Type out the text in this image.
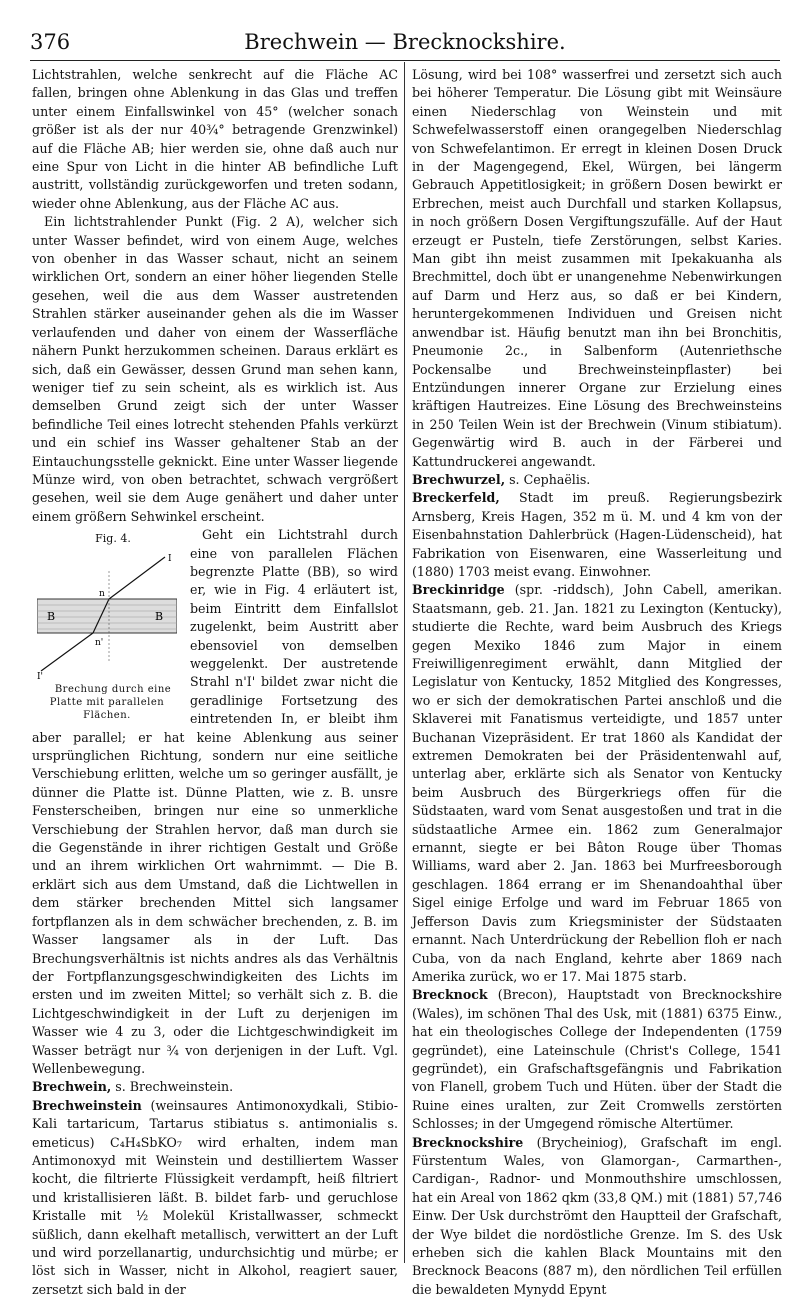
376	Brechwein — Brecknockshire.

Lichtstrahlen, welche senkrecht auf die Fläche AC fallen, bringen ohne Ablenkung in das Glas und treffen unter einem Einfallswinkel von 45° (welcher sonach größer ist als der nur 40¾° betragende Grenzwinkel) auf die Fläche AB; hier werden sie, ohne daß auch nur eine Spur von Licht in die hinter AB befindliche Luft austritt, vollständig zurückgeworfen und treten sodann, wieder ohne Ablenkung, aus der Fläche AC aus.

Ein lichtstrahlender Punkt (Fig. 2 A), welcher sich unter Wasser befindet, wird von einem Auge, welches von obenher in das Wasser schaut, nicht an seinem wirklichen Ort, sondern an einer höher liegenden Stelle gesehen, weil die aus dem Wasser austretenden Strahlen stärker auseinander gehen als die im Wasser verlaufenden und daher von einem der Wasserfläche nähern Punkt herzukommen scheinen. Daraus erklärt es sich, daß ein Gewässer, dessen Grund man sehen kann, weniger tief zu sein scheint, als es wirklich ist. Aus demselben Grund zeigt sich der unter Wasser befindliche Teil eines lotrecht stehenden Pfahls verkürzt und ein schief ins Wasser gehaltener Stab an der Eintauchungsstelle geknickt. Eine unter Wasser liegende Münze wird, von oben betrachtet, schwach vergrößert gesehen, weil sie dem Auge genähert und daher unter einem größern Sehwinkel erscheint.

Fig. 4.
B	B
I
I'
n
n'
Brechung durch eine Platte mit parallelen Flächen.
Geht ein Lichtstrahl durch eine von parallelen Flächen begrenzte Platte (BB), so wird er, wie in Fig. 4 erläutert ist, beim Eintritt dem Einfallslot zugelenkt, beim Austritt aber ebensoviel von demselben weggelenkt. Der austretende Strahl n'I' bildet zwar nicht die geradlinige Fortsetzung des eintretenden In, er bleibt ihm aber parallel; er hat keine Ablenkung aus seiner ursprünglichen Richtung, sondern nur eine seitliche Verschiebung erlitten, welche um so geringer ausfällt, je dünner die Platte ist. Dünne Platten, wie z. B. unsre Fensterscheiben, bringen nur eine so unmerkliche Verschiebung der Strahlen hervor, daß man durch sie die Gegenstände in ihrer richtigen Gestalt und Größe und an ihrem wirklichen Ort wahrnimmt. — Die B. erklärt sich aus dem Umstand, daß die Lichtwellen in dem stärker brechenden Mittel sich langsamer fortpflanzen als in dem schwächer brechenden, z. B. im Wasser langsamer als in der Luft. Das Brechungsverhältnis ist nichts andres als das Verhältnis der Fortpflanzungsgeschwindigkeiten des Lichts im ersten und im zweiten Mittel; so verhält sich z. B. die Lichtgeschwindigkeit in der Luft zu derjenigen im Wasser wie 4 zu 3, oder die Lichtgeschwindigkeit im Wasser beträgt nur ¾ von derjenigen in der Luft. Vgl. Wellenbewegung.

Brechwein, s. Brechweinstein.

Brechweinstein (weinsaures Antimonoxydkali, Stibio-Kali tartaricum, Tartarus stibiatus s. antimonialis s. emeticus) C₄H₄SbKO₇ wird erhalten, indem man Antimonoxyd mit Weinstein und destilliertem Wasser kocht, die filtrierte Flüssigkeit verdampft, heiß filtriert und kristallisieren läßt. B. bildet farb- und geruchlose Kristalle mit ½ Molekül Kristallwasser, schmeckt süßlich, dann ekelhaft metallisch, verwittert an der Luft und wird porzellanartig, undurchsichtig und mürbe; er löst sich in Wasser, nicht in Alkohol, reagiert sauer, zersetzt sich bald in der

Lösung, wird bei 108° wasserfrei und zersetzt sich auch bei höherer Temperatur. Die Lösung gibt mit Weinsäure einen Niederschlag von Weinstein und mit Schwefelwasserstoff einen orangegelben Niederschlag von Schwefelantimon. Er erregt in kleinen Dosen Druck in der Magengegend, Ekel, Würgen, bei längerm Gebrauch Appetitlosigkeit; in größern Dosen bewirkt er Erbrechen, meist auch Durchfall und starken Kollapsus, in noch größern Dosen Vergiftungszufälle. Auf der Haut erzeugt er Pusteln, tiefe Zerstörungen, selbst Karies. Man gibt ihn meist zusammen mit Ipekakuanha als Brechmittel, doch übt er unangenehme Nebenwirkungen auf Darm und Herz aus, so daß er bei Kindern, heruntergekommenen Individuen und Greisen nicht anwendbar ist. Häufig benutzt man ihn bei Bronchitis, Pneumonie 2c., in Salbenform (Autenriethsche Pockensalbe und Brechweinsteinpflaster) bei Entzündungen innerer Organe zur Erzielung eines kräftigen Hautreizes. Eine Lösung des Brechweinsteins in 250 Teilen Wein ist der Brechwein (Vinum stibiatum). Gegenwärtig wird B. auch in der Färberei und Kattundruckerei angewandt.

Brechwurzel, s. Cephaëlis.

Breckerfeld, Stadt im preuß. Regierungsbezirk Arnsberg, Kreis Hagen, 352 m ü. M. und 4 km von der Eisenbahnstation Dahlerbrück (Hagen-Lüdenscheid), hat Fabrikation von Eisenwaren, eine Wasserleitung und (1880) 1703 meist evang. Einwohner.

Breckinridge (spr. -riddsch), John Cabell, amerikan. Staatsmann, geb. 21. Jan. 1821 zu Lexington (Kentucky), studierte die Rechte, ward beim Ausbruch des Kriegs gegen Mexiko 1846 zum Major in einem Freiwilligenregiment erwählt, dann Mitglied der Legislatur von Kentucky, 1852 Mitglied des Kongresses, wo er sich der demokratischen Partei anschloß und die Sklaverei mit Fanatismus verteidigte, und 1857 unter Buchanan Vizepräsident. Er trat 1860 als Kandidat der extremen Demokraten bei der Präsidentenwahl auf, unterlag aber, erklärte sich als Senator von Kentucky beim Ausbruch des Bürgerkriegs offen für die Südstaaten, ward vom Senat ausgestoßen und trat in die südstaatliche Armee ein. 1862 zum Generalmajor ernannt, siegte er bei Bâton Rouge über Thomas Williams, ward aber 2. Jan. 1863 bei Murfreesborough geschlagen. 1864 errang er im Shenandoahthal über Sigel einige Erfolge und ward im Februar 1865 von Jefferson Davis zum Kriegsminister der Südstaaten ernannt. Nach Unterdrückung der Rebellion floh er nach Cuba, von da nach England, kehrte aber 1869 nach Amerika zurück, wo er 17. Mai 1875 starb.

Brecknock (Brecon), Hauptstadt von Brecknockshire (Wales), im schönen Thal des Usk, mit (1881) 6375 Einw., hat ein theologisches College der Independenten (1759 gegründet), eine Lateinschule (Christ's College, 1541 gegründet), ein Grafschaftsgefängnis und Fabrikation von Flanell, grobem Tuch und Hüten. über der Stadt die Ruine eines uralten, zur Zeit Cromwells zerstörten Schlosses; in der Umgegend römische Altertümer.

Brecknockshire (Brycheiniog), Grafschaft im engl. Fürstentum Wales, von Glamorgan-, Carmarthen-, Cardigan-, Radnor- und Monmouthshire umschlossen, hat ein Areal von 1862 qkm (33,8 QM.) mit (1881) 57,746 Einw. Der Usk durchströmt den Hauptteil der Grafschaft, der Wye bildet die nordöstliche Grenze. Im S. des Usk erheben sich die kahlen Black Mountains mit den Brecknock Beacons (887 m), den nördlichen Teil erfüllen die bewaldeten Mynydd Epynt
